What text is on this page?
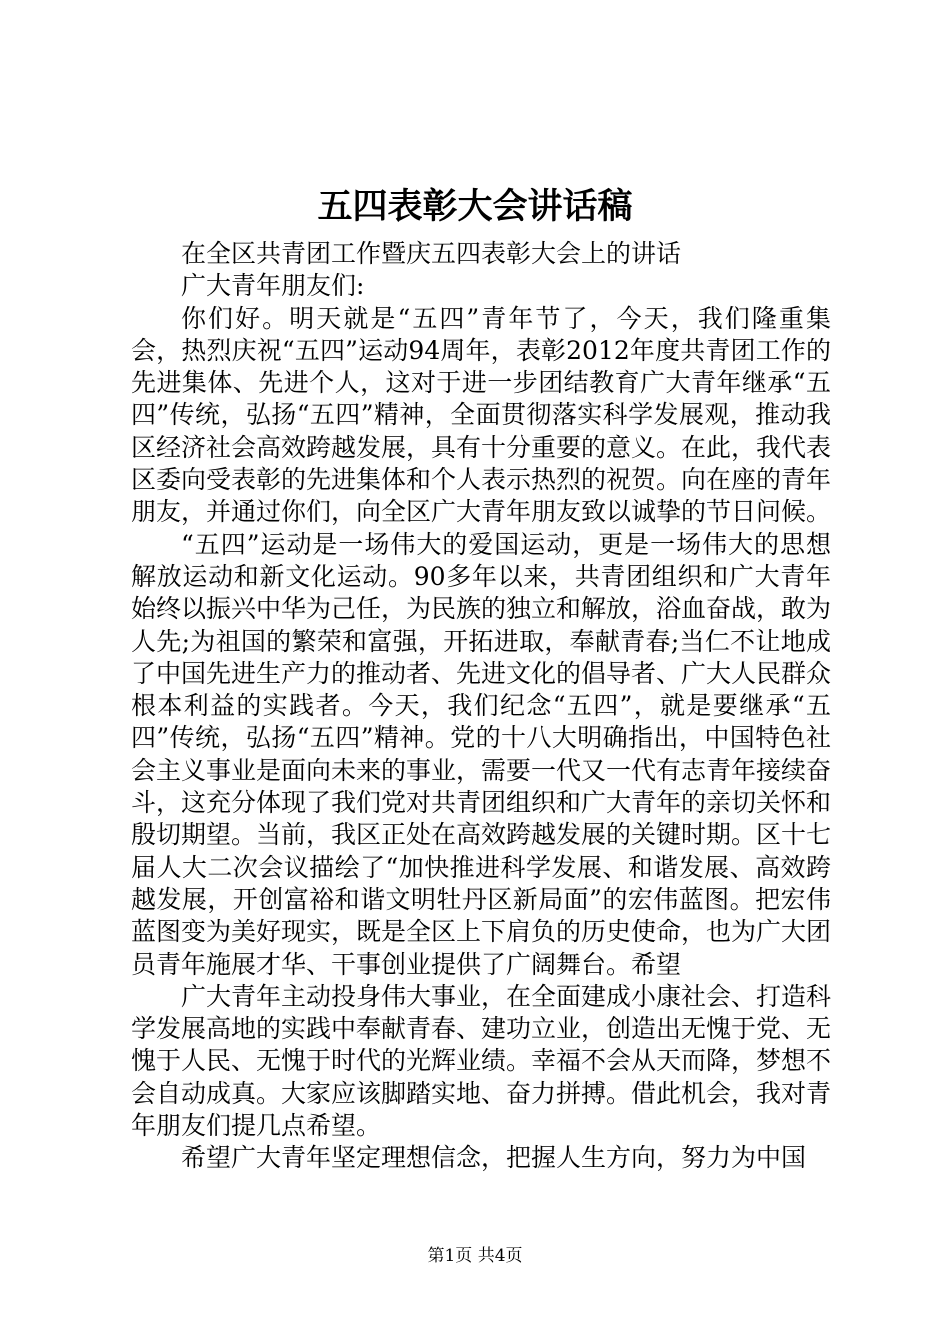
五四表彰大会讲话稿

在全区共青团工作暨庆五四表彰大会上的讲话

广大青年朋友们:

你们好。明天就是“五四”青年节了，今天，我们隆重集会，热烈庆祝“五四”运动94周年，表彰2012年度共青团工作的先进集体、先进个人，这对于进一步团结教育广大青年继承“五四”传统，弘扬“五四”精神，全面贯彻落实科学发展观，推动我区经济社会高效跨越发展，具有十分重要的意义。在此，我代表区委向受表彰的先进集体和个人表示热烈的祝贺。向在座的青年朋友，并通过你们，向全区广大青年朋友致以诚挚的节日问候。

“五四”运动是一场伟大的爱国运动，更是一场伟大的思想解放运动和新文化运动。90多年以来，共青团组织和广大青年始终以振兴中华为己任，为民族的独立和解放，浴血奋战，敢为人先;为祖国的繁荣和富强，开拓进取，奉献青春;当仁不让地成了中国先进生产力的推动者、先进文化的倡导者、广大人民群众根本利益的实践者。今天，我们纪念“五四”，就是要继承“五四”传统，弘扬“五四”精神。党的十八大明确指出，中国特色社会主义事业是面向未来的事业，需要一代又一代有志青年接续奋斗，这充分体现了我们党对共青团组织和广大青年的亲切关怀和殷切期望。当前，我区正处在高效跨越发展的关键时期。区十七届人大二次会议描绘了“加快推进科学发展、和谐发展、高效跨越发展，开创富裕和谐文明牡丹区新局面”的宏伟蓝图。把宏伟蓝图变为美好现实，既是全区上下肩负的历史使命，也为广大团员青年施展才华、干事创业提供了广阔舞台。希望

广大青年主动投身伟大事业，在全面建成小康社会、打造科学发展高地的实践中奉献青春、建功立业，创造出无愧于党、无愧于人民、无愧于时代的光辉业绩。幸福不会从天而降，梦想不会自动成真。大家应该脚踏实地、奋力拼搏。借此机会，我对青年朋友们提几点希望。

希望广大青年坚定理想信念，把握人生方向，努力为中国

第1页 共4页
